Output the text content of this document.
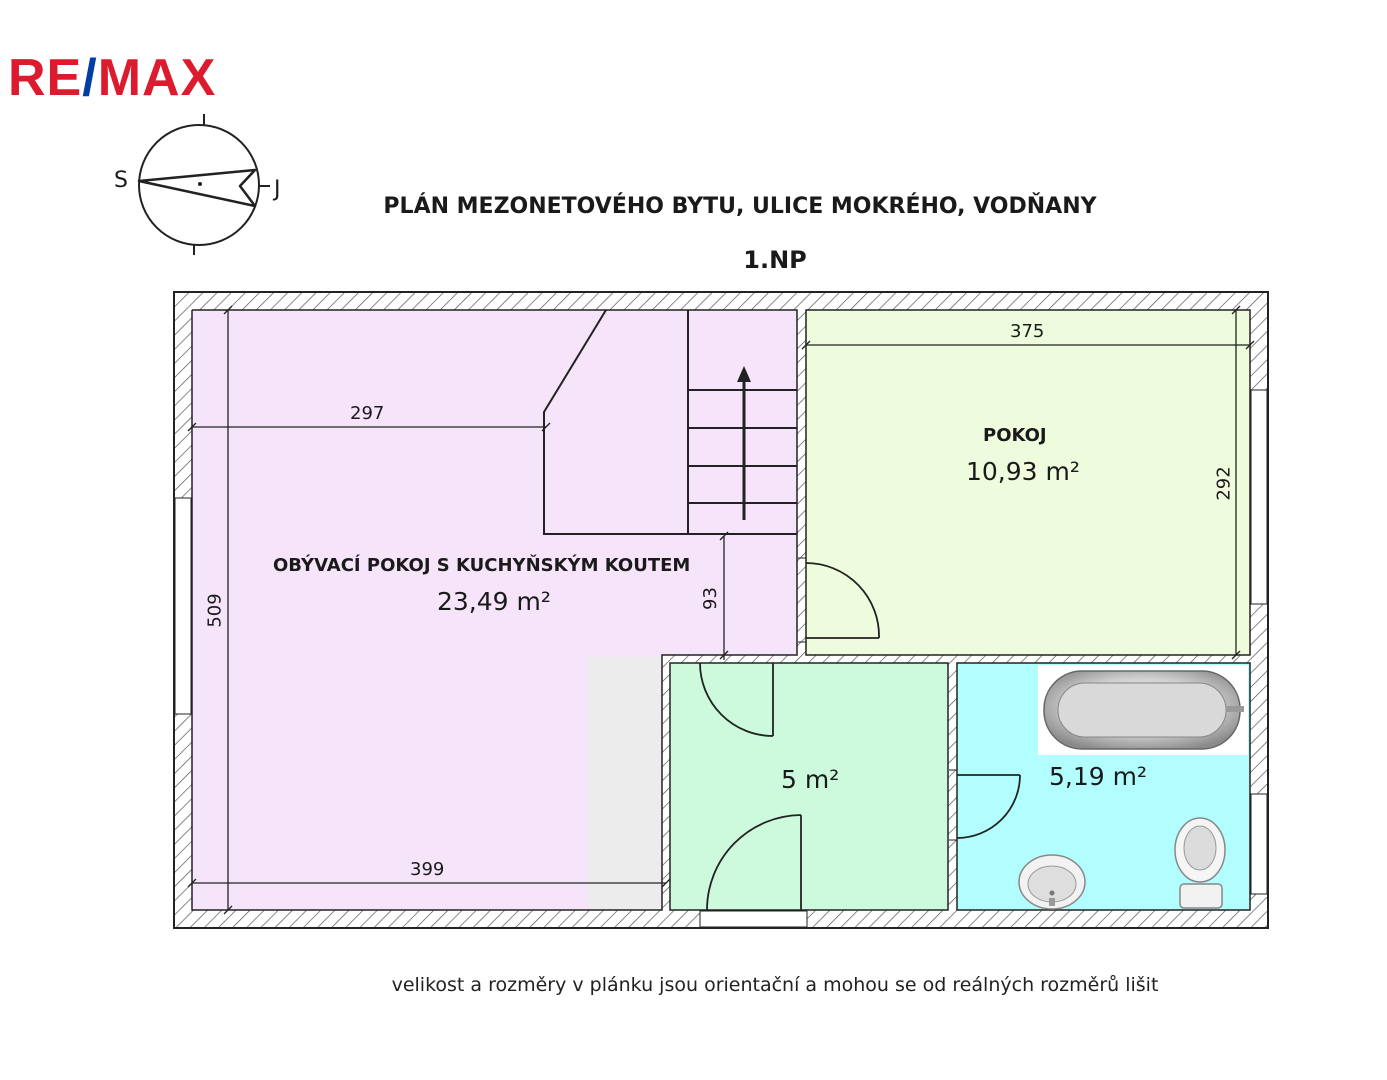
RE/MAX
PLÁN MEZONETOVÉHO BYTU, ULICE MOKRÉHO, VODŇANY
1.NP
S	J
OBÝVACÍ POKOJ S KUCHYŇSKÝM KOUTEM
23,49 m²
POKOJ
10,93 m²
5 m²	5,19 m²
297
509
399
93
375
292
velikost a rozměry v plánku jsou orientační a mohou se od reálných rozměrů lišit
